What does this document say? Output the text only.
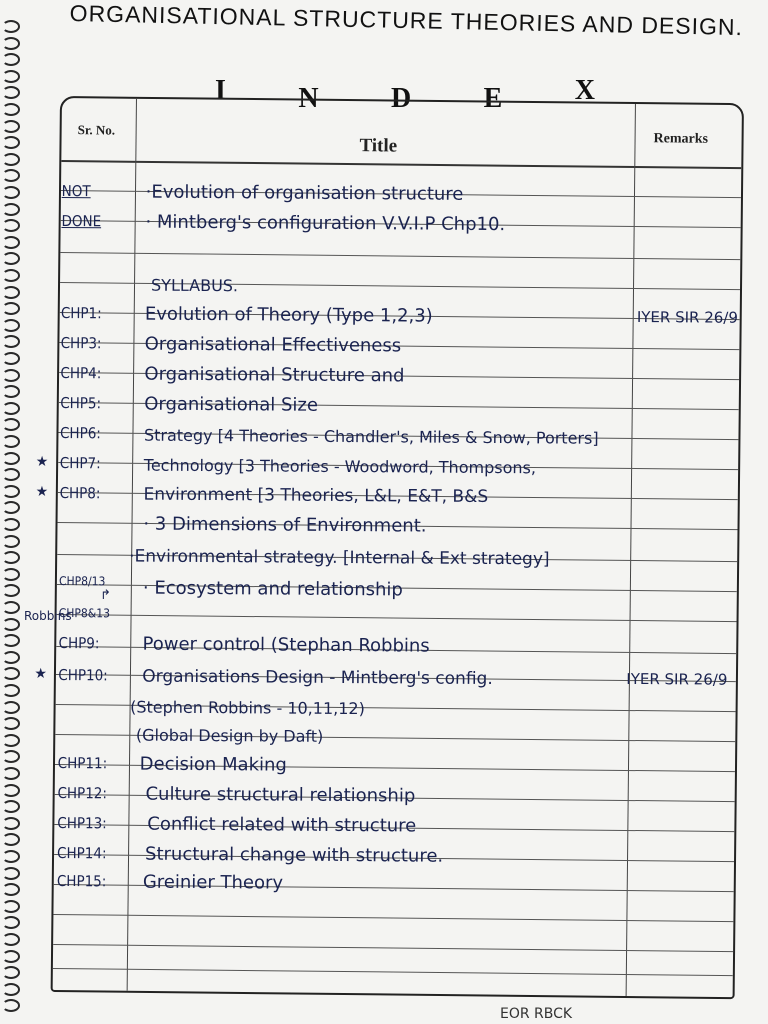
ORGANISATIONAL STRUCTURE THEORIES AND DESIGN.
I	N	D	E	X
Sr. No.
Title	Remarks
NOT	·Evolution of organisation structure
DONE · Mintberg's configuration V.V.I.P Chp10.
SYLLABUS.
CHP1: Evolution of Theory (Type 1,2,3)	IYER SIR 26/9
CHP3: Organisational Effectiveness
CHP4: Organisational Structure and
CHP5: Organisational Size
CHP6:	Strategy [4 Theories - Chandler's, Miles & Snow, Porters]
★ CHP7:	Technology [3 Theories - Woodword, Thompsons,
★ CHP8:	Environment [3 Theories, L&L, E&T, B&S
· 3 Dimensions of Environment.
·Environmental strategy. [Internal & Ext strategy]
CHP8/13 · Ecosystem and relationship
CHP8&13
CHP9: Power control (Stephan Robbins
★ CHP10: Organisations Design - Mintberg's config.	IYER SIR 26/9
(Stephen Robbins - 10,11,12)
(Global Design by Daft)
CHP11: Decision Making
CHP12: Culture structural relationship
CHP13: Conflict related with structure
CHP14: Structural change with structure.
CHP15: Greinier Theory
↱
Robbins
EOR RBCK
